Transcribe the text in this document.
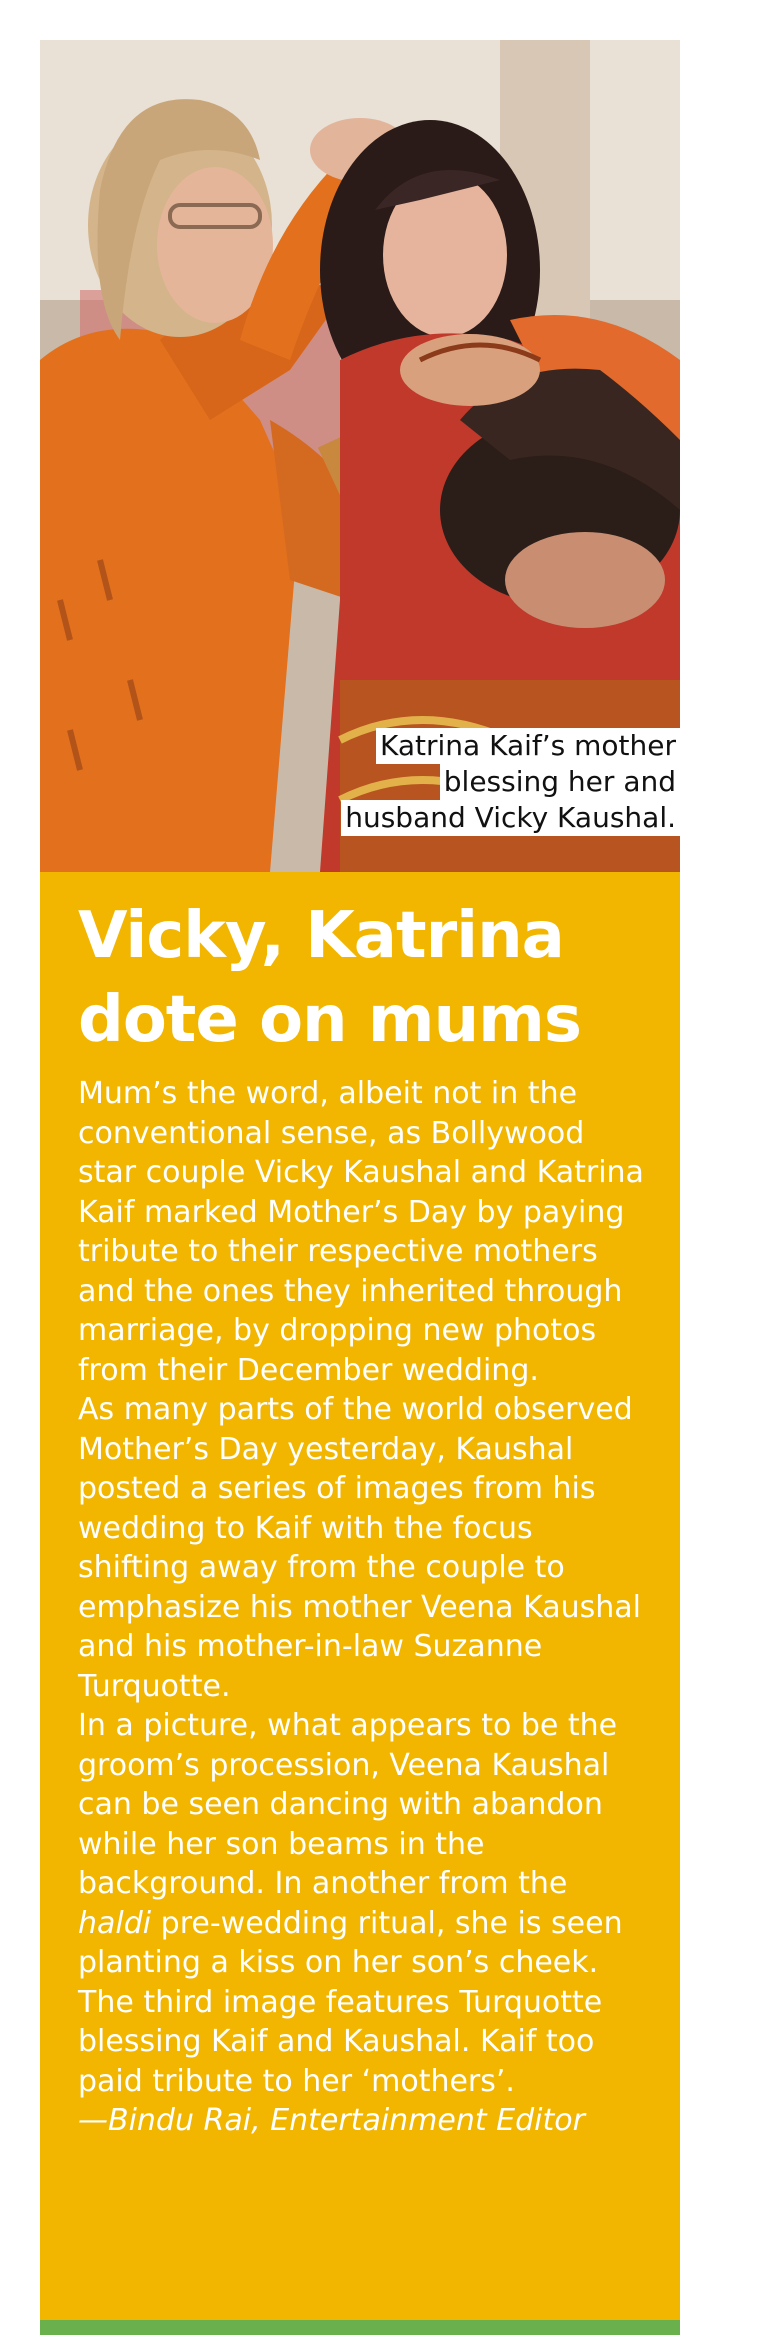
Katrina Kaif’s mother
blessing her and
husband Vicky Kaushal.
Vicky, Katrina
dote on mums

Mum’s the word, albeit not in the conventional sense, as Bollywood star couple Vicky Kaushal and Katrina Kaif marked Mother’s Day by paying tribute to their respective mothers and the ones they inherited through marriage, by dropping new photos from their December wedding.

As many parts of the world observed Mother’s Day yesterday, Kaushal posted a series of images from his wedding to Kaif with the focus shifting away from the couple to emphasize his mother Veena Kaushal and his mother-in-law Suzanne Turquotte.

In a picture, what appears to be the groom’s procession, Veena Kaushal can be seen dancing with abandon while her son beams in the background. In another from the haldi pre-wedding ritual, she is seen planting a kiss on her son’s cheek. The third image features Turquotte blessing Kaif and Kaushal. Kaif too paid tribute to her ‘mothers’.

—Bindu Rai, Entertainment Editor
